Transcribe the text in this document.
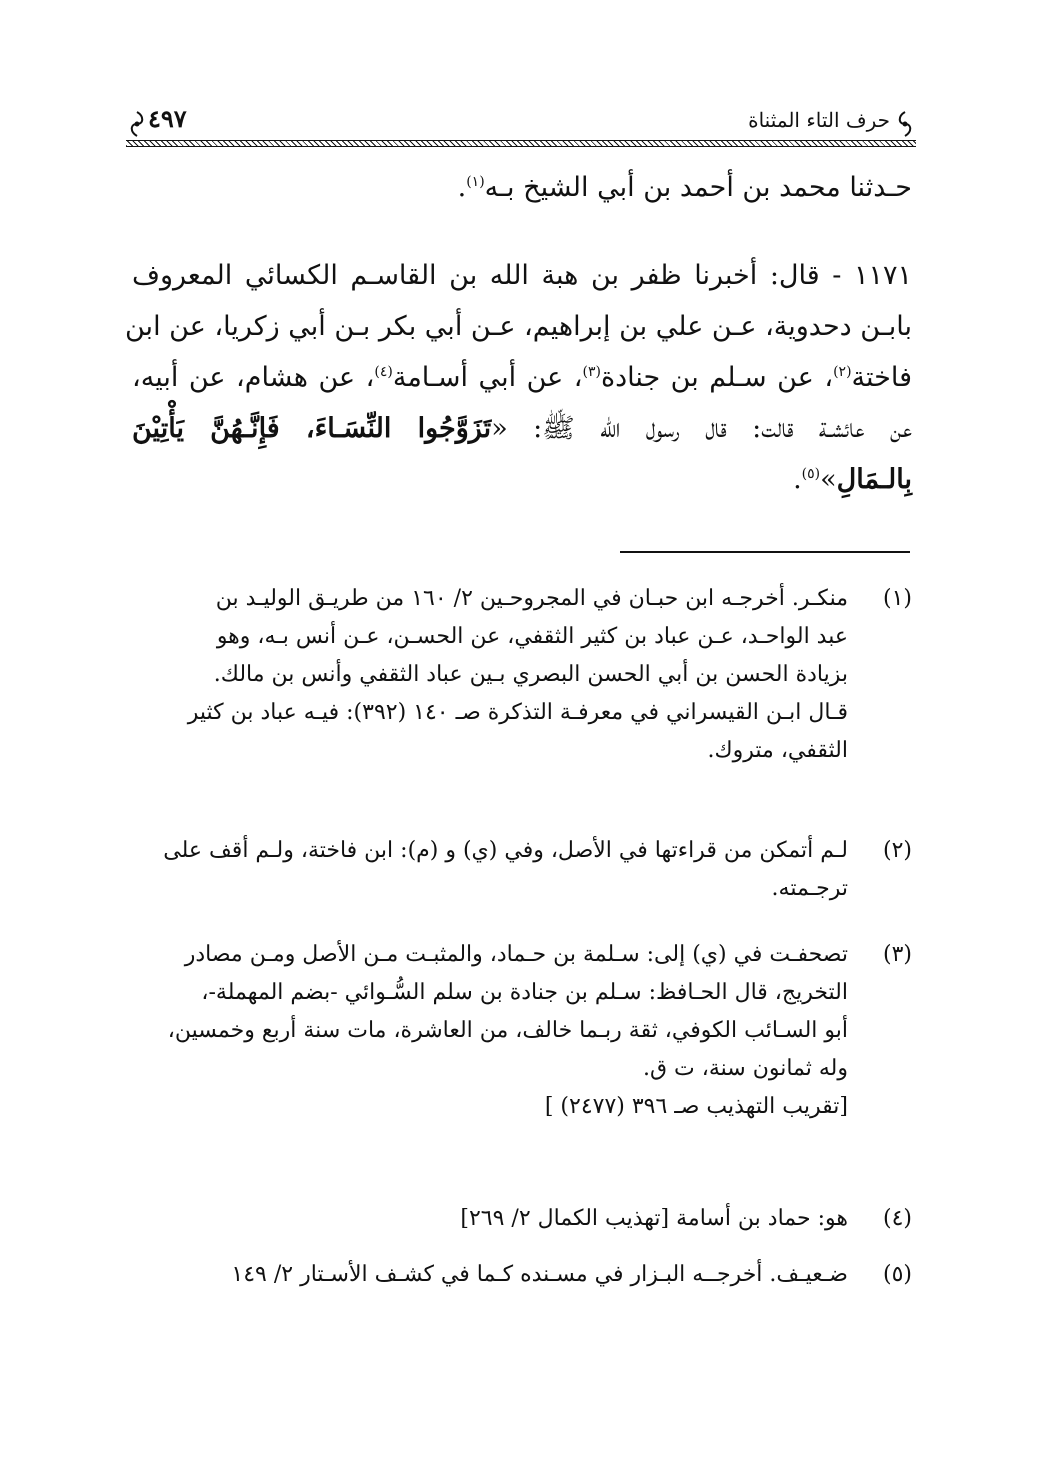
حرف التاء المثناة
٤٩٧
حـدثنا محمد بن أحمد بن أبي الشيخ بـه$^{(١)}$.
١١٧١ - قال: أخبرنا ظفر بن هبة الله بن القاسـم الكسائي المعروف
بابـن دحدوية، عـن علي بن إبراهيم، عـن أبي بكر بـن أبي زكريا، عن ابن
فاختة$^{(٢)}$، عن سـلم بن جنادة$^{(٣)}$، عن أبي أسـامة$^{(٤)}$، عن هشام، عن أبيه،
عن عائشـة قالت: قال رسول الله ﷺ: «تَزَوَّجُوا النِّسَـاءَ، فَإِنَّـهُنَّ يَأْتِيْنَ
بِالـمَالِ»$^{(٥)}$.
(١)
منكـر. أخرجـه ابن حبـان في المجروحـين ٢/ ١٦٠ من طريـق الوليـد بن
عبد الواحـد، عـن عباد بن كثير الثقفي، عن الحسـن، عـن أنس بـه، وهو
بزيادة الحسن بن أبي الحسن البصري بـين عباد الثقفي وأنس بن مالك.
قـال ابـن القيسراني في معرفـة التذكرة صـ ١٤٠ (٣٩٢): فيـه عباد بن كثير
الثقفي، متروك.
(٢)
لـم أتمكن من قراءتها في الأصل، وفي (ي) و (م): ابن فاختة، ولـم أقف على
ترجـمته.
(٣)
تصحفـت في (ي) إلى: سـلمة بن حـماد، والمثبـت مـن الأصل ومـن مصادر
التخريج، قال الحـافظ: سـلم بن جنادة بن سلم السُّـوائي -بضم المهملة-،
أبو السـائب الكوفي، ثقة ربـما خالف، من العاشرة، مات سنة أربع وخمسين،
وله ثمانون سنة، ت ق.
[تقريب التهذيب صـ ٣٩٦ (٢٤٧٧) ]
(٤)
هو: حماد بن أسامة [تهذيب الكمال ٢/ ٢٦٩]
(٥)
ضـعيـف. أخرجــه البـزار في مسـنده كـما في كشـف الأسـتار ٢/ ١٤٩
